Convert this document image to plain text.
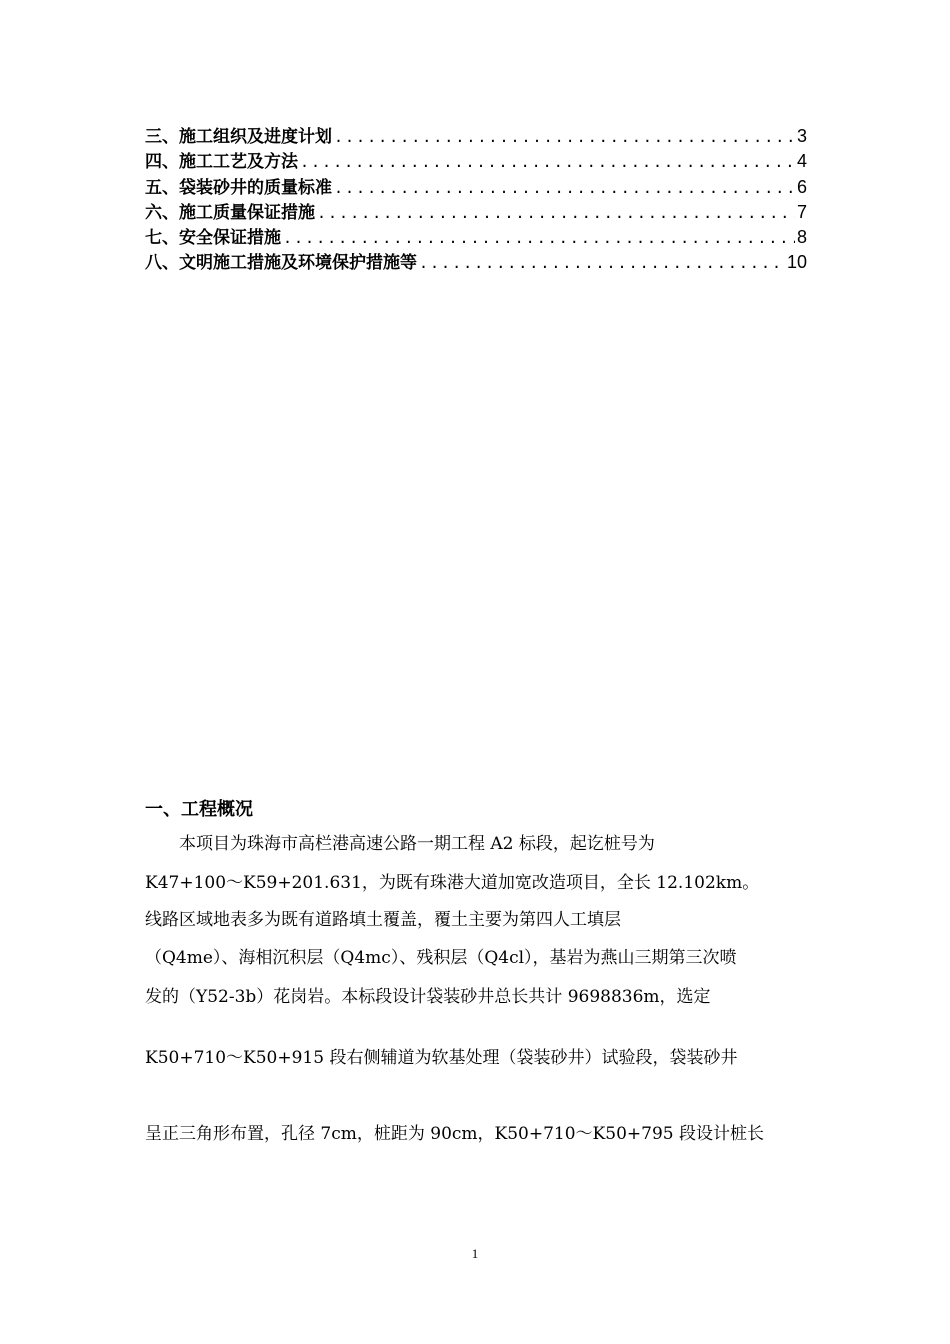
三、施工组织及进度计划 .....	3
四、施工工艺及方法 .....	4
五、袋装砂井的质量标准 .....	6
六、施工质量保证措施 .....	7
七、安全保证措施 .....	8
八、文明施工措施及环境保护措施等 .....	10
一、工程概况
　　本项目为珠海市高栏港高速公路一期工程 A2 标段，起讫桩号为
K47+100～K59+201.631，为既有珠港大道加宽改造项目，全长 12.102km。
线路区域地表多为既有道路填土覆盖，覆土主要为第四人工填层
（Q4me）、海相沉积层（Q4mc）、残积层（Q4cl），基岩为燕山三期第三次喷
发的（Y52-3b）花岗岩。本标段设计袋装砂井总长共计 9698836m，选定
K50+710～K50+915 段右侧辅道为软基处理（袋装砂井）试验段，袋装砂井
呈正三角形布置，孔径 7cm，桩距为 90cm，K50+710～K50+795 段设计桩长
1
